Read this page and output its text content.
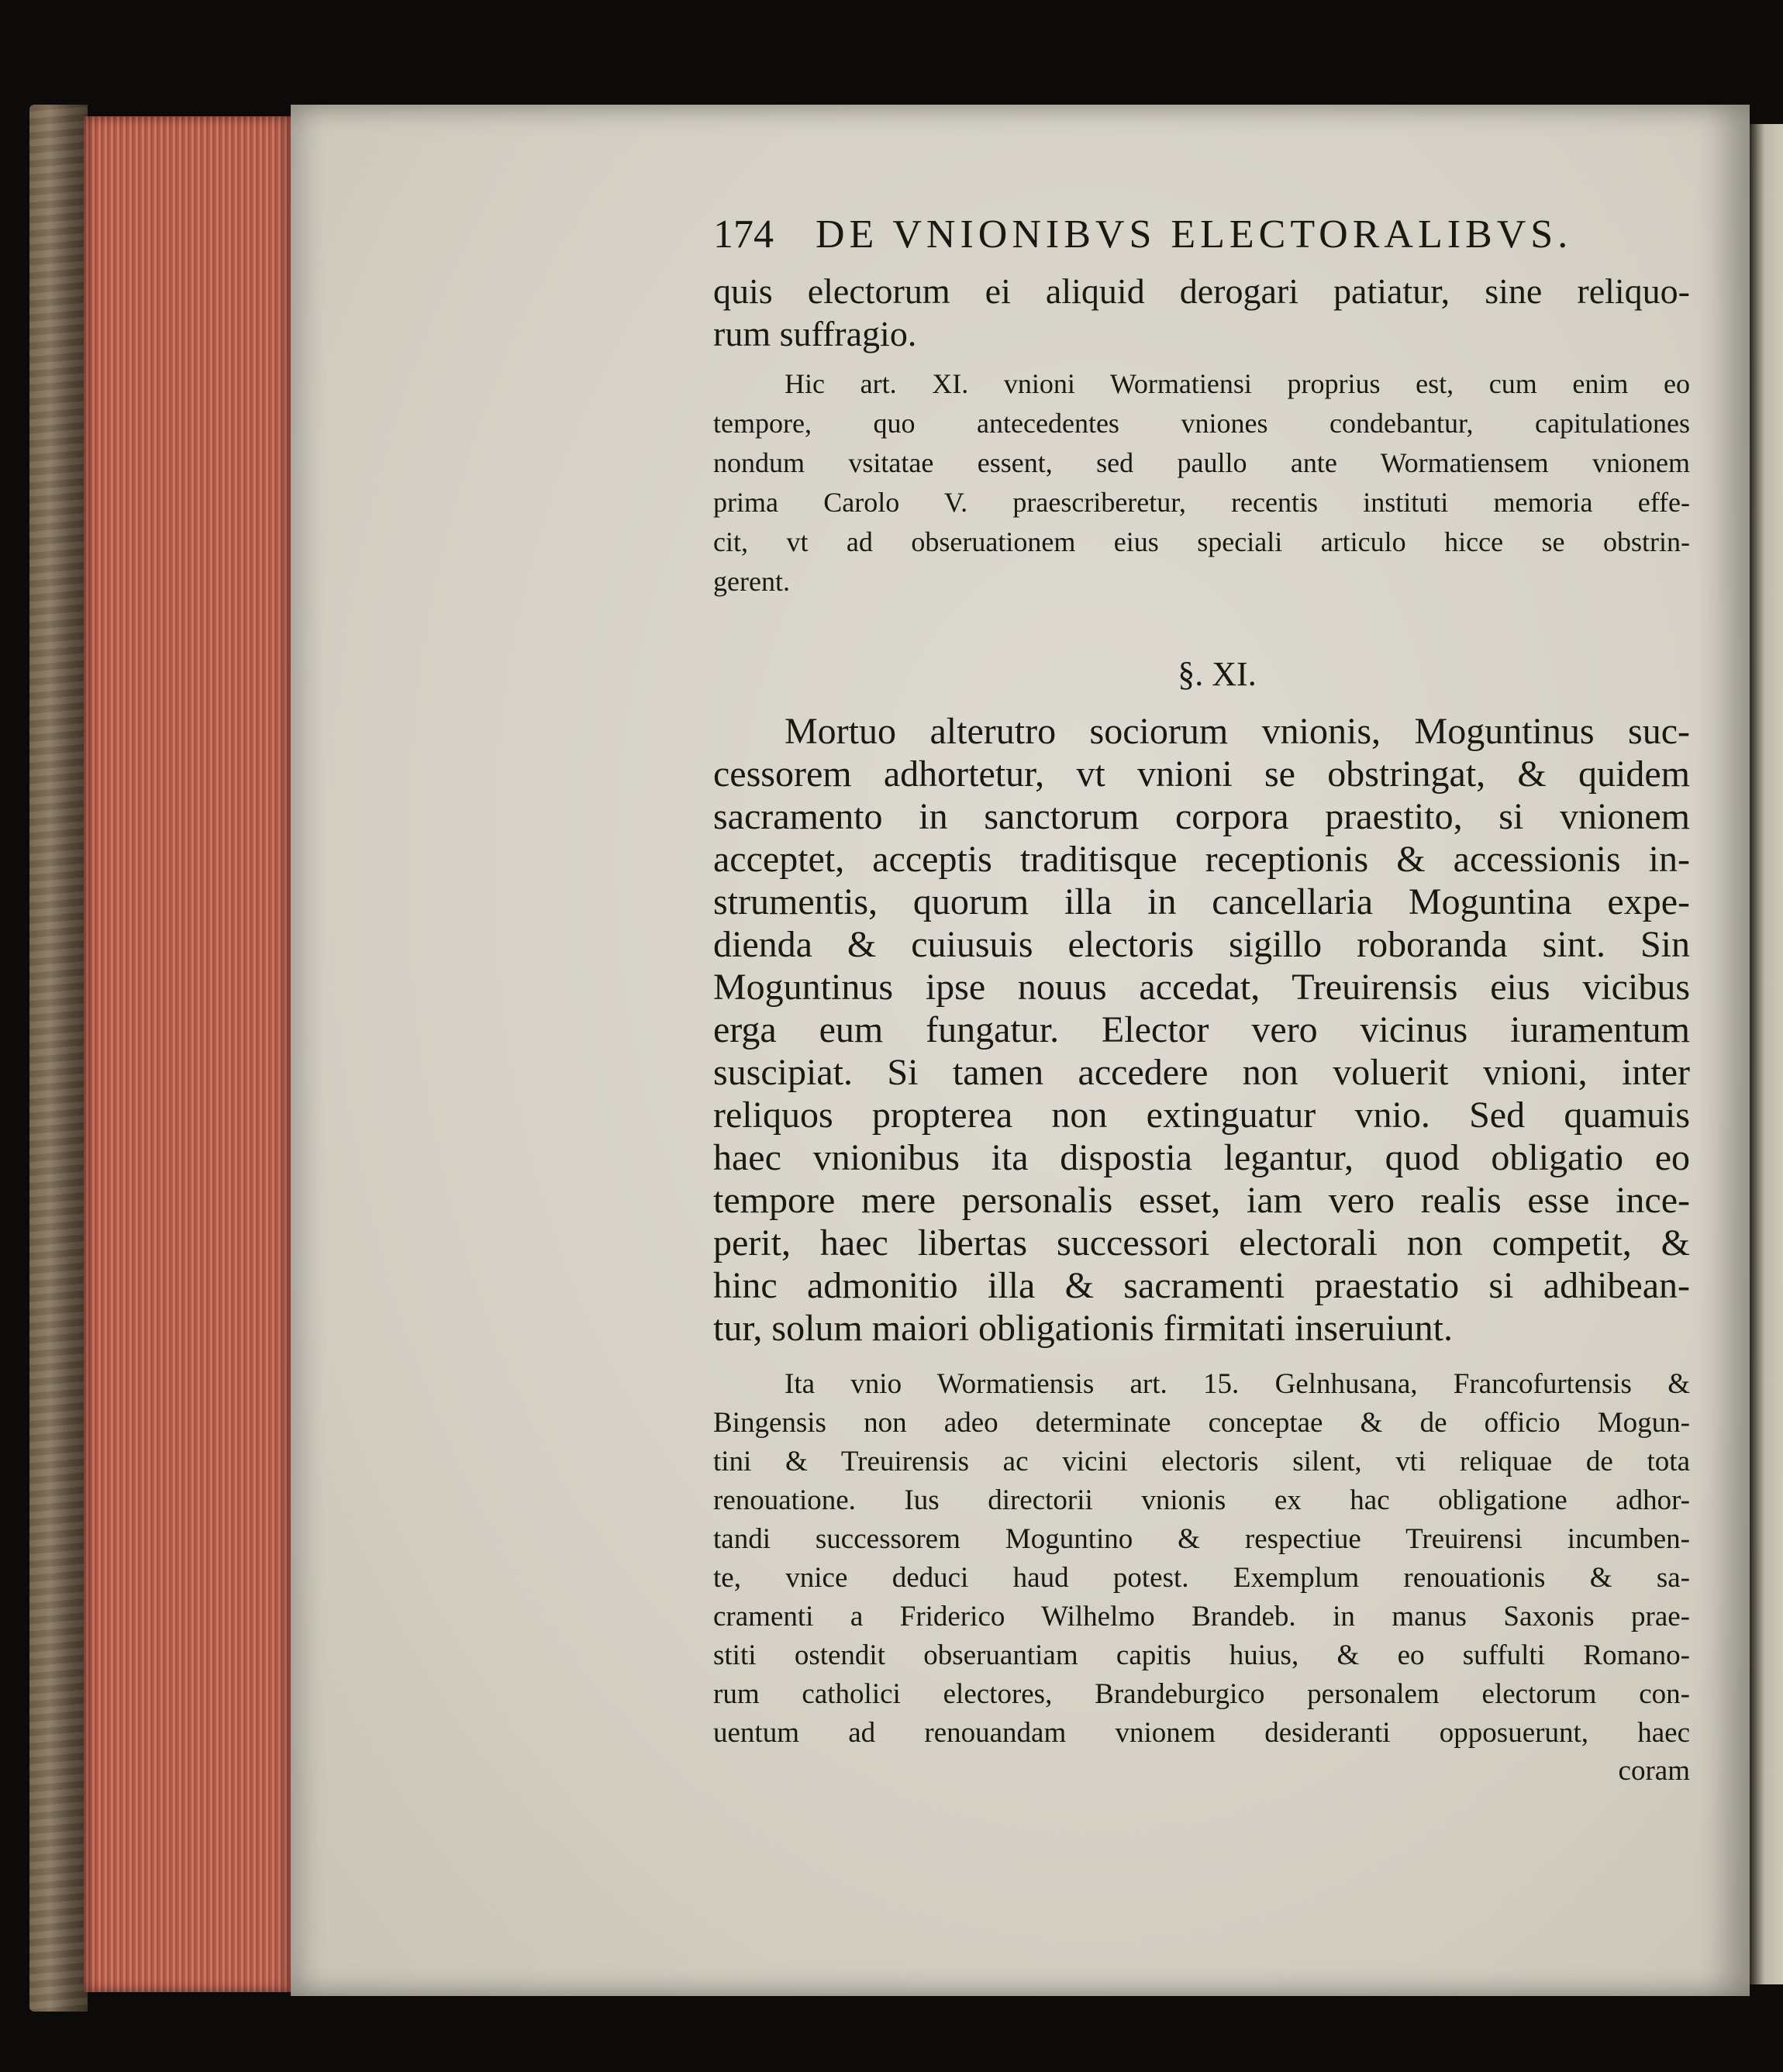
174 DE VNIONIBVS ELECTORALIBVS.
quis electorum ei aliquid derogari patiatur, sine reliquo-
rum suffragio.
Hic art. XI. vnioni Wormatiensi proprius est, cum enim eo
tempore, quo antecedentes vniones condebantur, capitulationes
nondum vsitatae essent, sed paullo ante Wormatiensem vnionem
prima Carolo V. praescriberetur, recentis instituti memoria effe-
cit, vt ad obseruationem eius speciali articulo hicce se obstrin-
gerent.
§. XI.
Mortuo alterutro sociorum vnionis, Moguntinus suc-
cessorem adhortetur, vt vnioni se obstringat, & quidem
sacramento in sanctorum corpora praestito, si vnionem
acceptet, acceptis traditisque receptionis & accessionis in-
strumentis, quorum illa in cancellaria Moguntina expe-
dienda & cuiusuis electoris sigillo roboranda sint. Sin
Moguntinus ipse nouus accedat, Treuirensis eius vicibus
erga eum fungatur. Elector vero vicinus iuramentum
suscipiat. Si tamen accedere non voluerit vnioni, inter
reliquos propterea non extinguatur vnio. Sed quamuis
haec vnionibus ita dispostia legantur, quod obligatio eo
tempore mere personalis esset, iam vero realis esse ince-
perit, haec libertas successori electorali non competit, &
hinc admonitio illa & sacramenti praestatio si adhibean-
tur, solum maiori obligationis firmitati inseruiunt.
Ita vnio Wormatiensis art. 15. Gelnhusana, Francofurtensis &
Bingensis non adeo determinate conceptae & de officio Mogun-
tini & Treuirensis ac vicini electoris silent, vti reliquae de tota
renouatione. Ius directorii vnionis ex hac obligatione adhor-
tandi successorem Moguntino & respectiue Treuirensi incumben-
te, vnice deduci haud potest. Exemplum renouationis & sa-
cramenti a Friderico Wilhelmo Brandeb. in manus Saxonis prae-
stiti ostendit obseruantiam capitis huius, & eo suffulti Romano-
rum catholici electores, Brandeburgico personalem electorum con-
uentum ad renouandam vnionem desideranti opposuerunt, haec
coram
